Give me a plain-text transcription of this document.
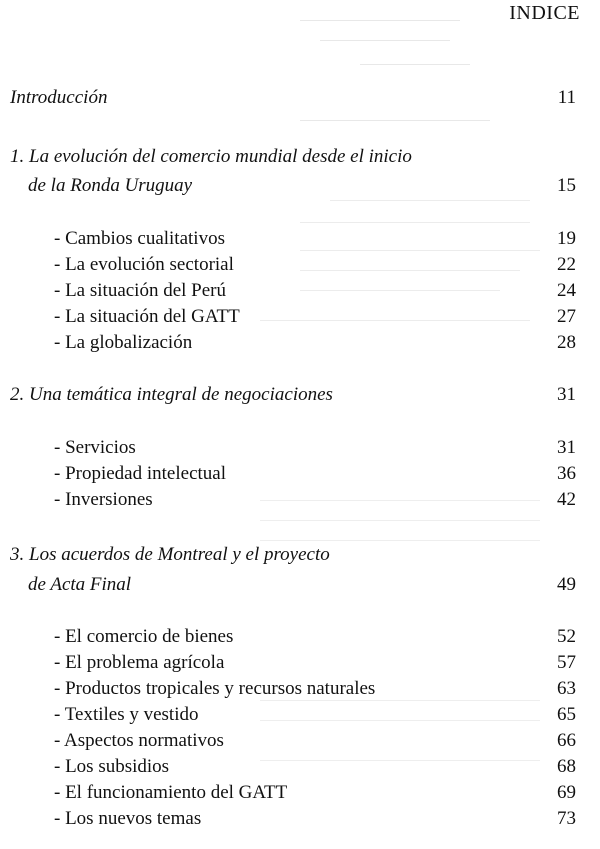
INDICE
Introducción	11
1. La evolución del comercio mundial desde el inicio
de la Ronda Uruguay	15
- Cambios cualitativos	19
- La evolución sectorial	22
- La situación del Perú	24
- La situación del GATT	27
- La globalización	28
2. Una temática integral de negociaciones	31
- Servicios	31
- Propiedad intelectual	36
- Inversiones	42
3. Los acuerdos de Montreal y el proyecto
de Acta Final	49
- El comercio de bienes	52
- El problema agrícola	57
- Productos tropicales y recursos naturales	63
- Textiles y vestido	65
- Aspectos normativos	66
- Los subsidios	68
- El funcionamiento del GATT	69
- Los nuevos temas	73
